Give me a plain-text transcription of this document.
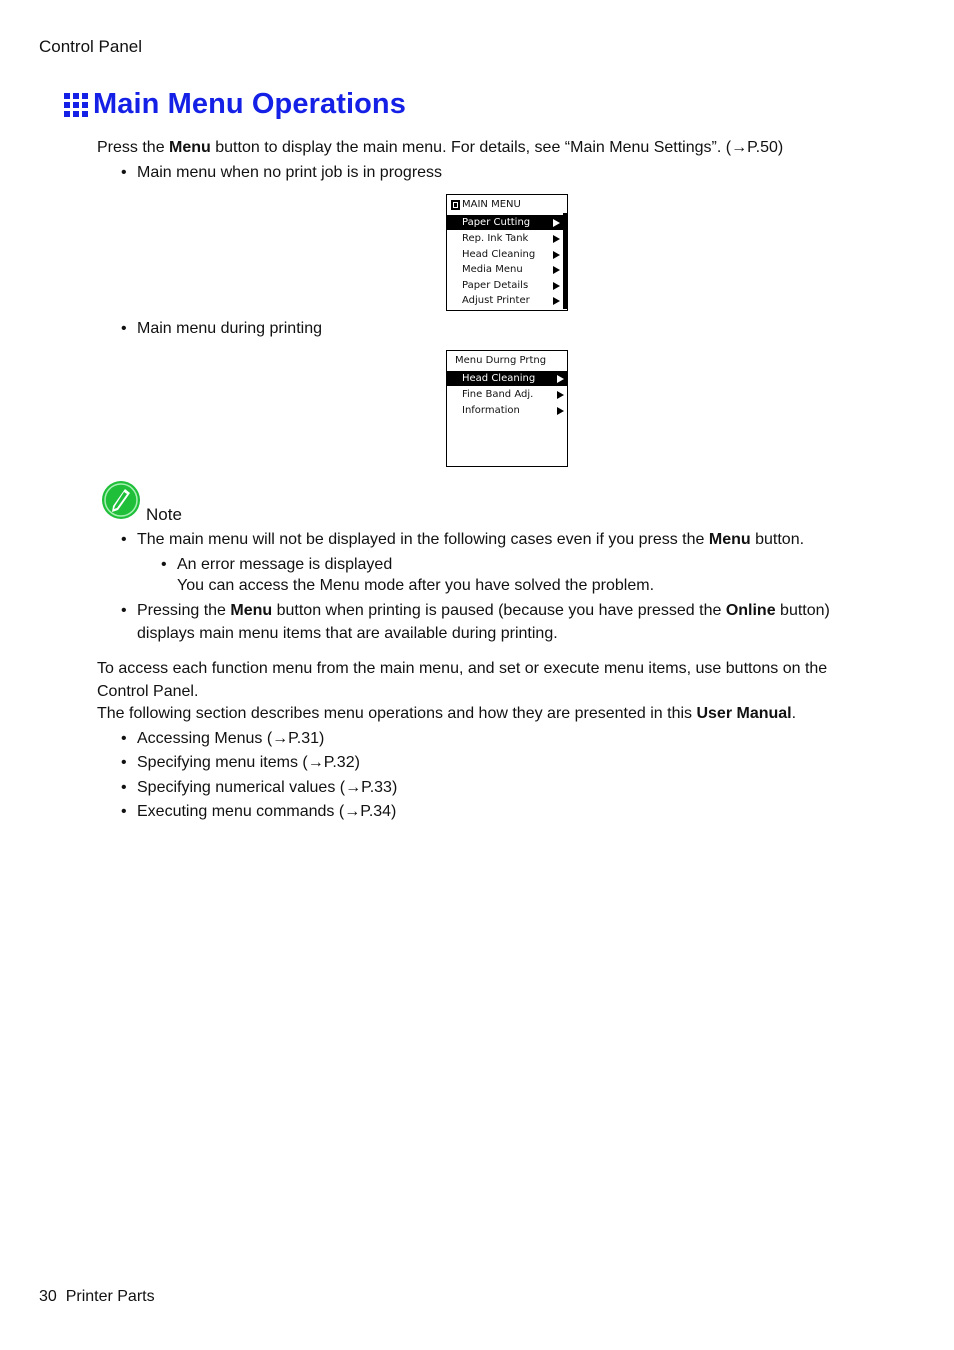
Control Panel
Main Menu Operations
Press the Menu button to display the main menu. For details, see “Main Menu Settings”. (→P.50)
• Main menu when no print job is in progress
MAIN MENU
Paper Cutting
Rep. Ink Tank
Head Cleaning
Media Menu
Paper Details
Adjust Printer
• Main menu during printing
Menu Durng Prtng
Head Cleaning
Fine Band Adj.
Information
Note
• The main menu will not be displayed in the following cases even if you press the Menu button.
• An error message is displayed
You can access the Menu mode after you have solved the problem.
• Pressing the Menu button when printing is paused (because you have pressed the Online button)
displays main menu items that are available during printing.
To access each function menu from the main menu, and set or execute menu items, use buttons on the
Control Panel.
The following section describes menu operations and how they are presented in this User Manual.
• Accessing Menus (→P.31)
• Specifying menu items (→P.32)
• Specifying numerical values (→P.33)
• Executing menu commands (→P.34)
30 Printer Parts
